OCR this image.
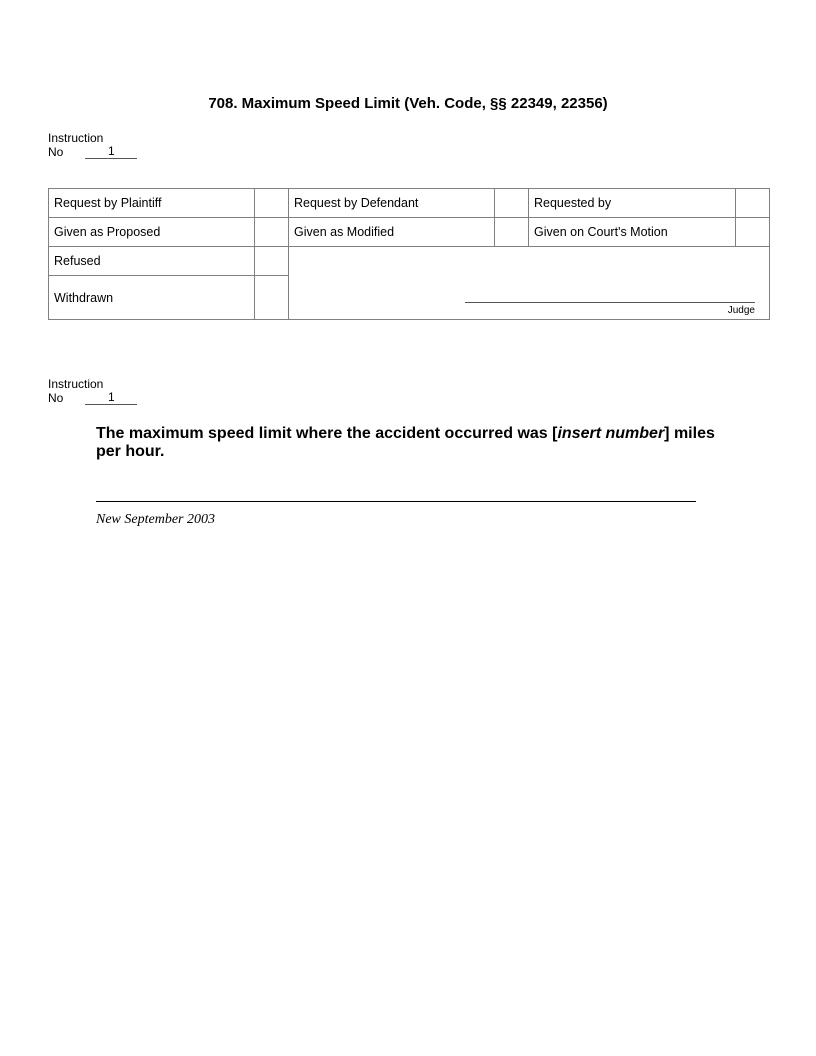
708. Maximum Speed Limit (Veh. Code, §§ 22349, 22356)
Instruction
No	1
Request by Plaintiff		Request by Defendant		Requested by	
Given as Proposed		Given as Modified		Given on Court's Motion	
Refused		Judge			

Withdrawn					
Instruction
No	1
The maximum speed limit where the accident occurred was [insert number] miles per hour.
New September 2003
